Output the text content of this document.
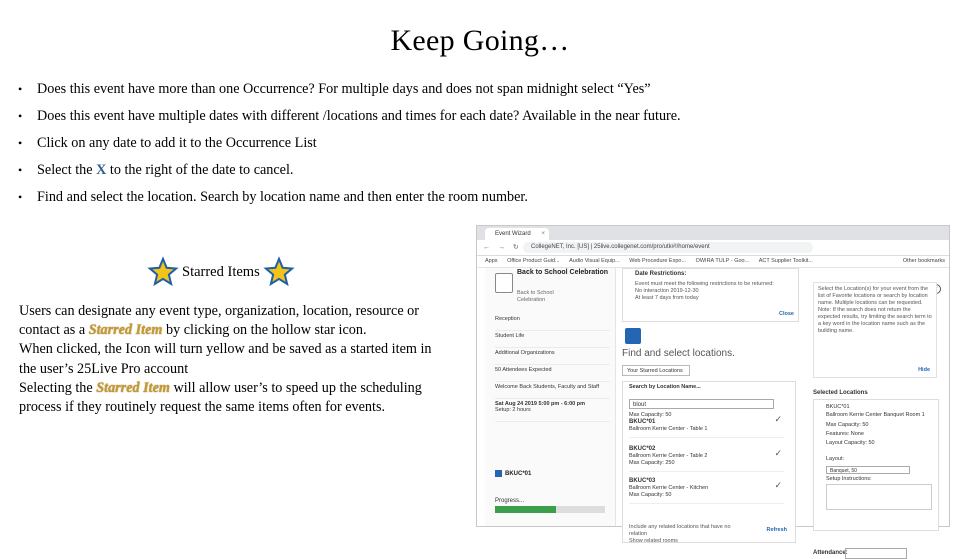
Keep Going…
• Does this event have more than one Occurrence? For multiple days and does not span midnight select “Yes”
• Does this event have multiple dates with different /locations and times for each date? Available in the near future.
• Click on any date to add it to the Occurrence List
• Select the X to the right of the date to cancel.
• Find and select the location. Search by location name and then enter the room number.
Starred Items

Users can designate any event type, organization, location, resource or contact as a Starred Item by clicking on the hollow star icon.

When clicked, the Icon will turn yellow and be saved as a started item in the user’s 25Live Pro account

Selecting the Starred Item will allow user’s to speed up the scheduling process if they routinely request the same items often for events.

Event Wizard ×
← → ↻	CollegeNET, Inc. [US] | 25live.collegenet.com/pro/utk#!/home/event
Apps Office Product Guid... Audio Visual Equip... Web Procedure Expo... OWIRA TULP - Goo... ACT Supplier Toolkit...	Other bookmarks
Back to School Celebration
Back to School
Celebration
Reception
Student Life
Additional Organizations
50 Attendees Expected
Welcome Back Students, Faculty and Staff
Sat Aug 24 2019 5:00 pm - 6:00 pm
Setup: 2 hours
BKUC*01
Progress...
Date Restrictions:
Event must meet the following restrictions to be returned:
No interaction 2019-12-30
At least 7 days from today
Close
Find and select locations.
Your Starred Locations
Search by Location Name...
blout
Max Capacity: 50
BKUC*01
Ballroom Kerrie Center - Table 1
✓
BKUC*02
Ballroom Kerrie Center - Table 2
Max Capacity: 250
✓
BKUC*03
Ballroom Kerrie Center - Kitchen
Max Capacity: 50
✓
Include any related locations that have no
relation
Show related rooms
Refresh
Select the Location(s) for your event from the list of Favorite locations or search by location name. Multiple locations can be requested. Note: If the search does not return the expected results, try limiting the search term to a key word in the location name such as the building name.
Hide
Selected Locations
BKUC*01
Ballroom Kerrie Center Banquet Room 1
Max Capacity: 50
Features: None
Layout Capacity: 50
Layout:
Banquet, 50
Setup Instructions:
Attendance:
